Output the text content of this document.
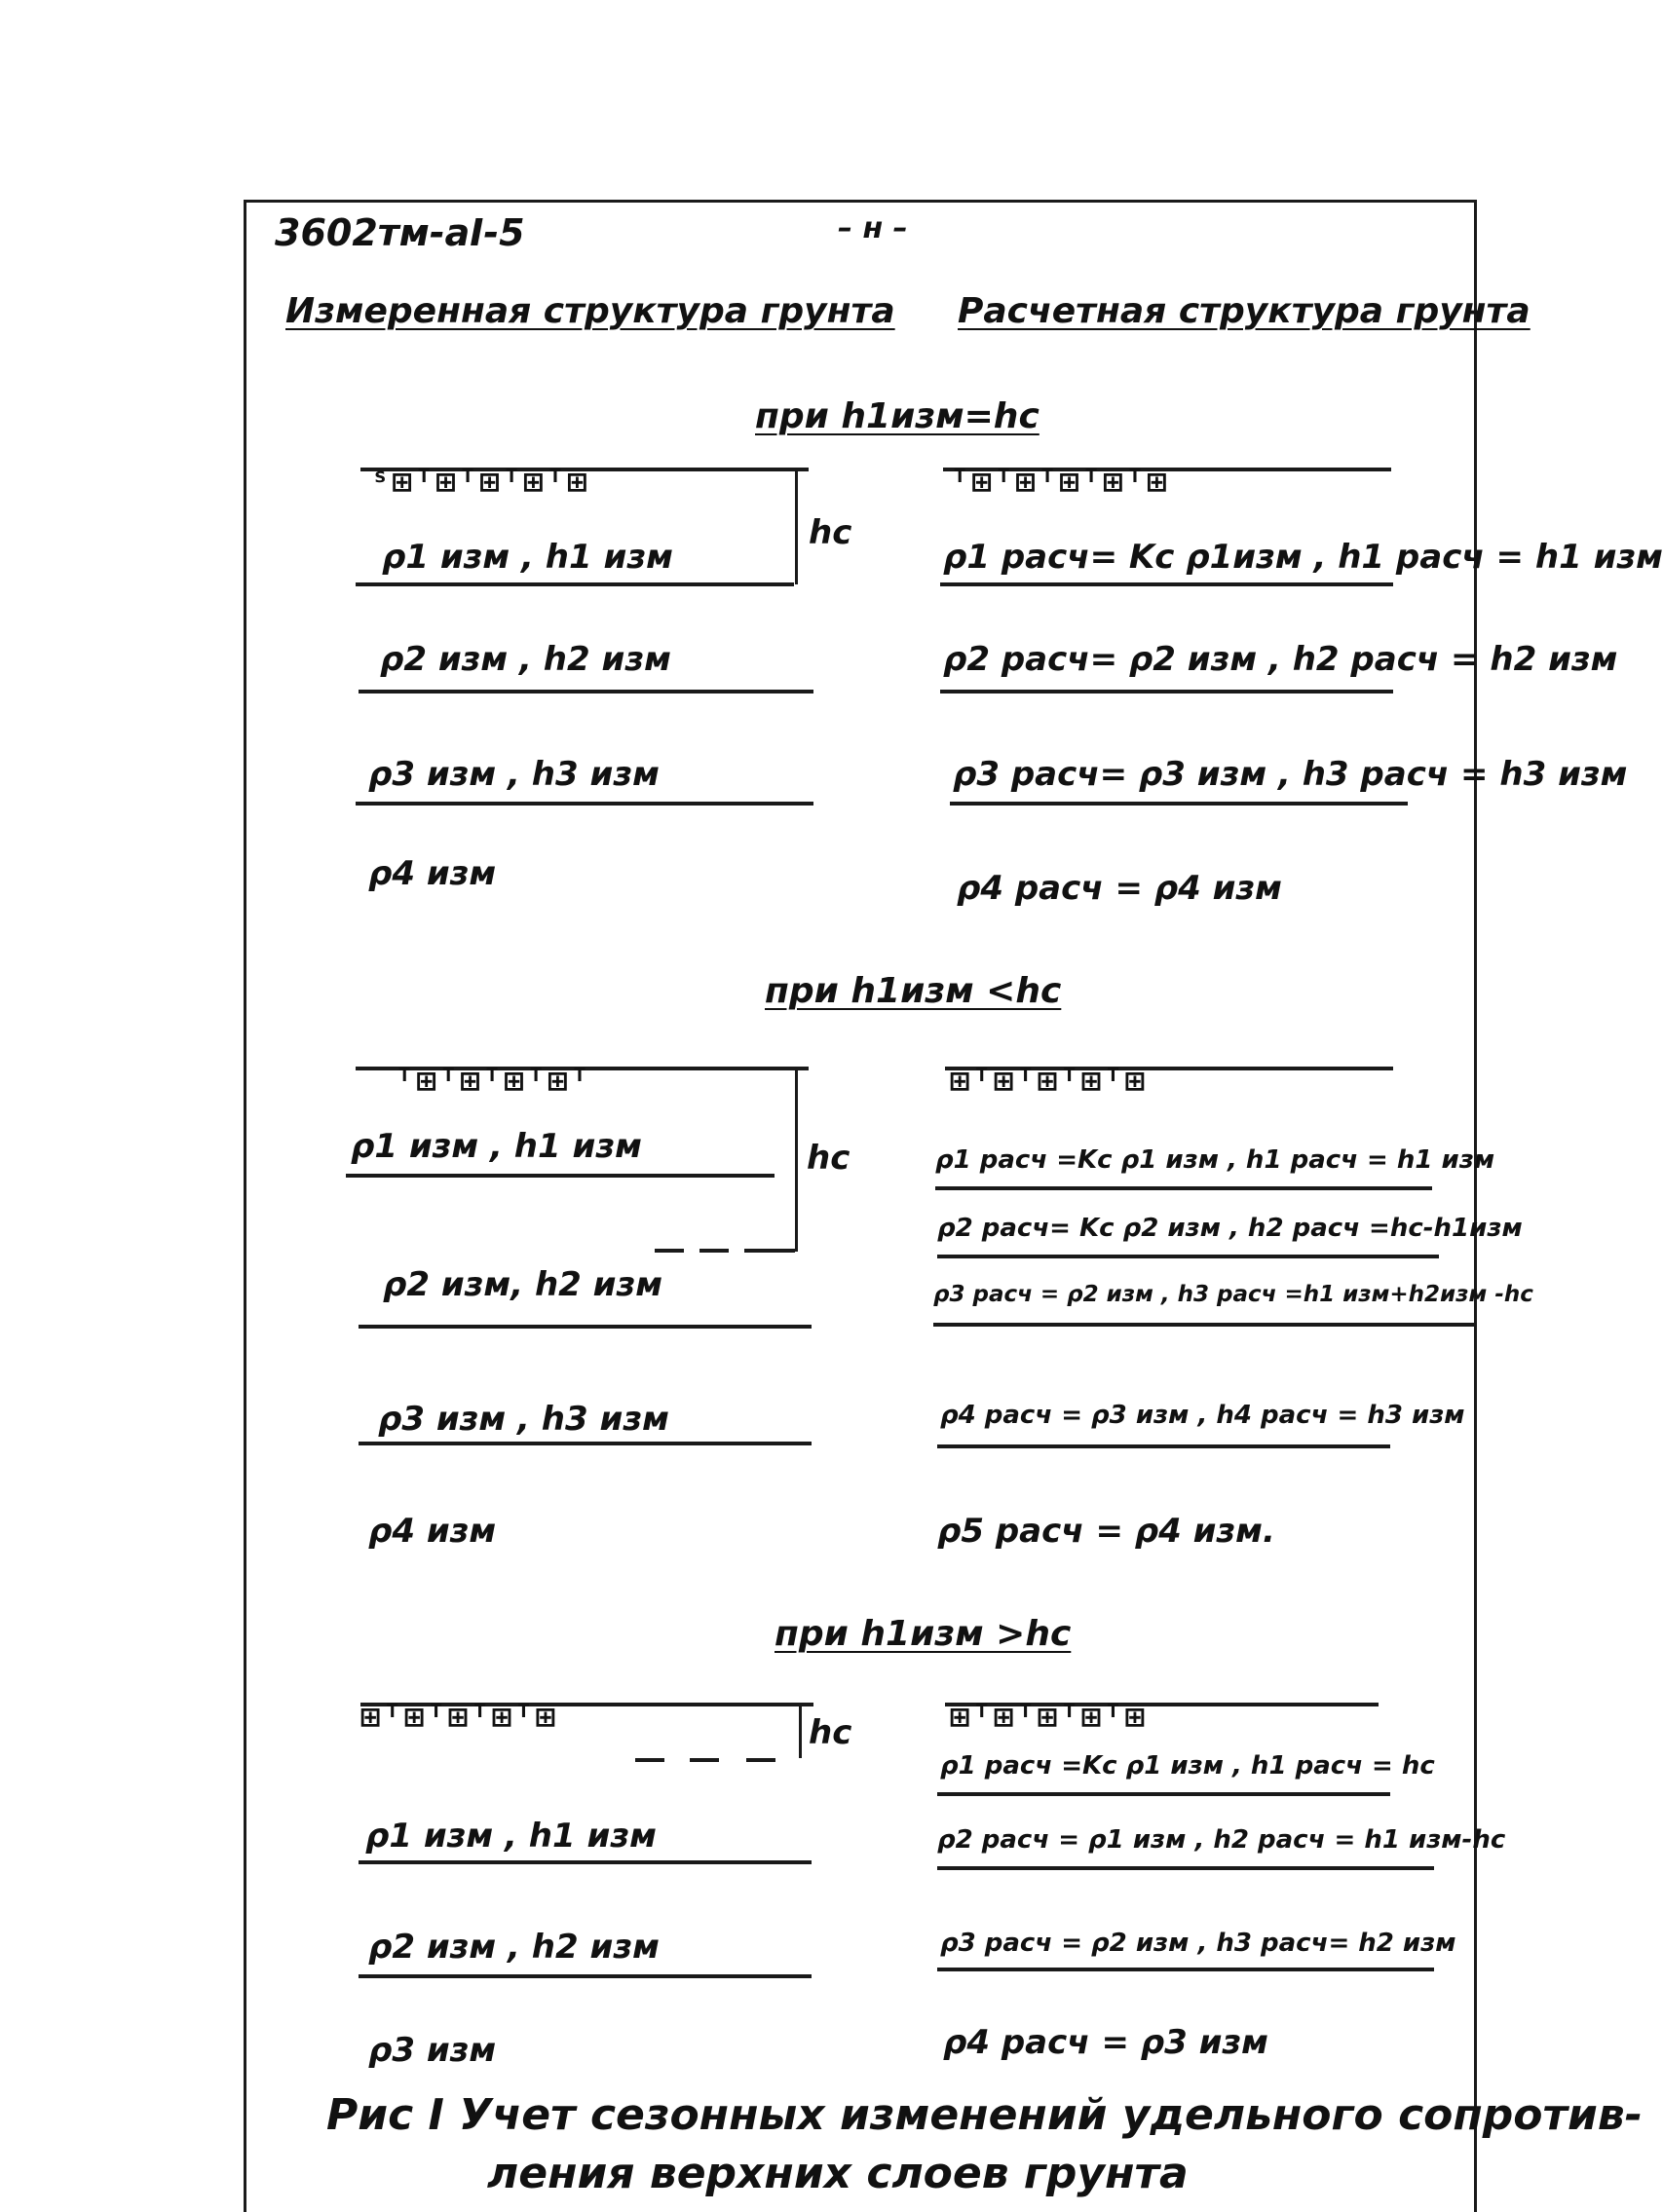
3602тм-аI-5	– н –
Измеренная структура грунта Расчетная структура грунта
при h1изм=hc
ˢ⊞ᵀ⊞ᵀ⊞ᵀ⊞ᵀ⊞
hc
ᵀ⊞ᵀ⊞ᵀ⊞ᵀ⊞ᵀ⊞
ρ1 изм , h1 изм
ρ2 изм , h2 изм
ρ3 изм , h3 изм
ρ4 изм
ρ1 расч= Kc ρ1изм , h1 расч = h1 изм
ρ2 расч= ρ2 изм , h2 расч = h2 изм
ρ3 расч= ρ3 изм , h3 расч = h3 изм
ρ4 расч = ρ4 изм
при h1изм <hc
ᵀ⊞ᵀ⊞ᵀ⊞ᵀ⊞ᵀ
hc
⊞ᵀ⊞ᵀ⊞ᵀ⊞ᵀ⊞
ρ1 изм , h1 изм
ρ2 изм, h2 изм
ρ3 изм , h3 изм
ρ4 изм
ρ1 расч =Kc ρ1 изм , h1 расч = h1 изм
ρ2 расч= Kc ρ2 изм , h2 расч =hc-h1изм
ρ3 расч = ρ2 изм , h3 расч =h1 изм+h2изм -hc
ρ4 расч = ρ3 изм , h4 расч = h3 изм
ρ5 расч = ρ4 изм.
при h1изм >hc
⊞ᵀ⊞ᵀ⊞ᵀ⊞ᵀ⊞	hc	⊞ᵀ⊞ᵀ⊞ᵀ⊞ᵀ⊞
ρ1 изм , h1 изм
ρ2 изм , h2 изм
ρ3 изм
ρ1 расч =Kc ρ1 изм , h1 расч = hc
ρ2 расч = ρ1 изм , h2 расч = h1 изм-hc
ρ3 расч = ρ2 изм , h3 расч= h2 изм
ρ4 расч = ρ3 изм
Рис I Учет сезонных изменений удельного сопротив-
ления верхних слоев грунта
